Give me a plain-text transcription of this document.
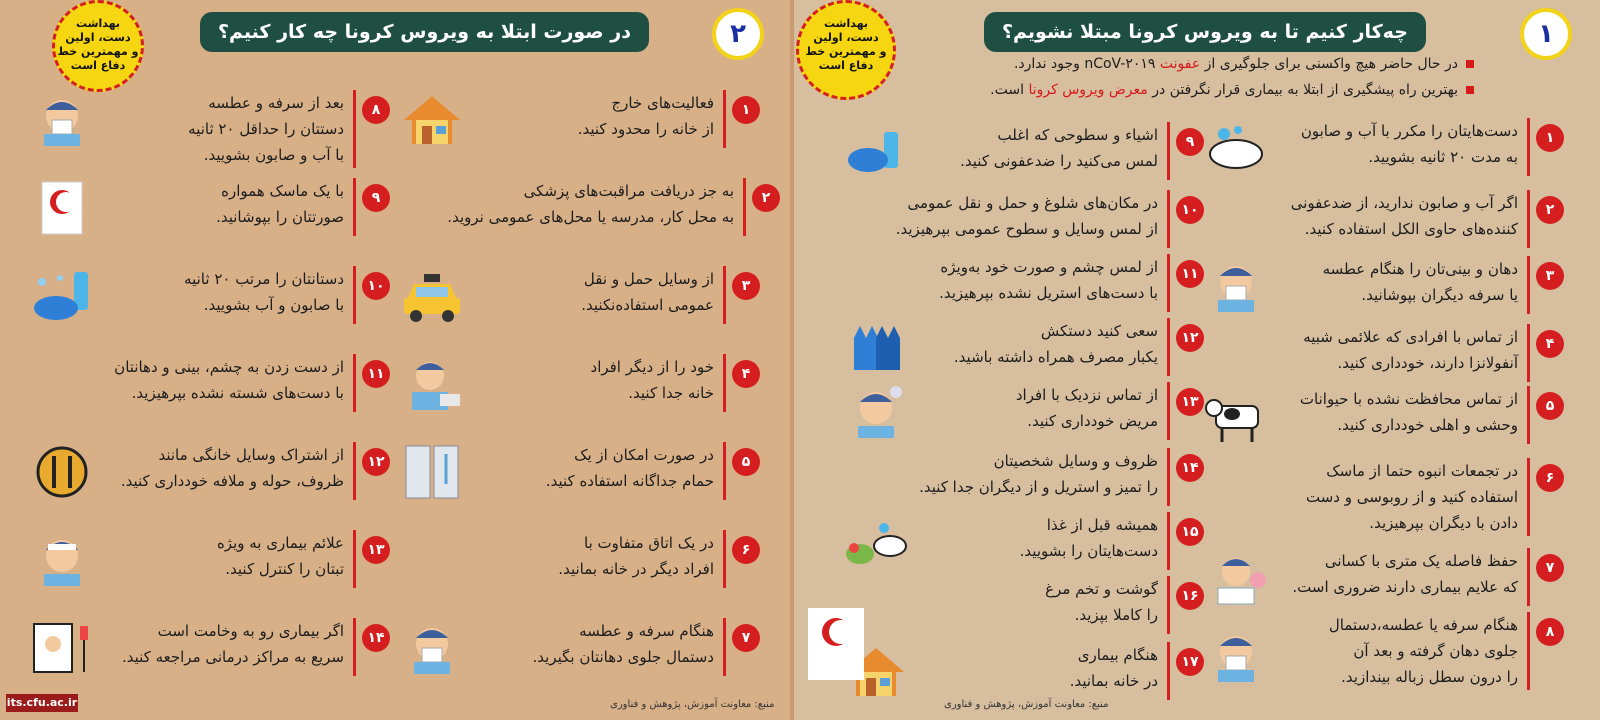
در صورت ابتلا به ویروس کرونا چه کار کنیم؟	۲
بهداشت
دست، اولین
و مهمترین خط
دفاع است
۱
فعالیت‌های خارج
از خانه را محدود کنید.
۲
به جز دریافت مراقبت‌های پزشکی
به محل کار، مدرسه یا محل‌های عمومی نروید.
۳
از وسایل حمل و نقل
عمومی استفاده‌نکنید.
۴
خود را از دیگر افراد
خانه جدا کنید.
۵
در صورت امکان از یک
حمام جداگانه استفاده کنید.
۶
در یک اتاق متفاوت با
افراد دیگر در خانه بمانید.
۷
هنگام سرفه و عطسه
دستمال جلوی دهانتان بگیرید.
۸
بعد از سرفه و عطسه
دستتان را حداقل ۲۰ ثانیه
با آب و صابون بشویید.
۹
با یک ماسک همواره
صورتتان را بپوشانید.
۱۰
دستانتان را مرتب ۲۰ ثانیه
با صابون و آب بشویید.
۱۱
از دست زدن به چشم، بینی و دهانتان
با دست‌های شسته نشده بپرهیزید.
۱۲
از اشتراک وسایل خانگی مانند
ظروف، حوله و ملافه خودداری کنید.
۱۳
علائم بیماری به ویژه
تبتان را کنترل کنید.
۱۴
اگر بیماری رو به وخامت است
سریع به مراکز درمانی مراجعه کنید.
منبع: معاونت آموزش، پژوهش و فناوری
چه‌کار کنیم تا به ویروس کرونا مبتلا نشویم؟	۱
بهداشت
دست، اولین
و مهمترین خط
دفاع است	در حال حاضر هیچ واکسنی برای جلوگیری از عفونت nCoV-۲۰۱۹ وجود ندارد.
بهترین راه پیشگیری از ابتلا به بیماری قرار نگرفتن در معرض ویروس کرونا است.
۱
دست‌هایتان را مکرر با آب و صابون
به مدت ۲۰ ثانیه بشویید.
۲
اگر آب و صابون ندارید، از ضدعفونی
کننده‌های حاوی الکل استفاده کنید.
۳
دهان و بینی‌تان را هنگام عطسه
یا سرفه دیگران بپوشانید.
۴
از تماس با افرادی که علائمی شبیه
آنفولانزا دارند، خودداری کنید.
۵
از تماس محافظت نشده با حیوانات
وحشی و اهلی خودداری کنید.
۶
در تجمعات انبوه حتما از ماسک
استفاده کنید و از روبوسی و دست
دادن با دیگران بپرهیزید.
۷
حفظ فاصله یک متری با کسانی
که علایم بیماری دارند ضروری است.
۸
هنگام سرفه یا عطسه،دستمال
جلوی دهان گرفته و بعد آن
را درون سطل زباله بیندازید.
۹
اشیاء و سطوحی که اغلب
لمس می‌کنید را ضدعفونی کنید.
۱۰
در مکان‌های شلوغ و حمل و نقل عمومی
از لمس وسایل و سطوح عمومی بپرهیزید.
۱۱
از لمس چشم و صورت خود به‌ویژه
با دست‌های استریل نشده بپرهیزید.
۱۲
سعی کنید دستکش
یکبار مصرف همراه داشته باشید.
۱۳
از تماس نزدیک با افراد
مریض خودداری کنید.
۱۴
ظروف و وسایل شخصیتان
را تمیز و استریل و از دیگران جدا کنید.
۱۵
همیشه قبل از غذا
دست‌هایتان را بشویید.
۱۶
گوشت و تخم مرغ
را کاملا بپزید.
۱۷
هنگام بیماری
در خانه بمانید.
منبع: معاونت آموزش، پژوهش و فناوری
its.cfu.ac.ir
